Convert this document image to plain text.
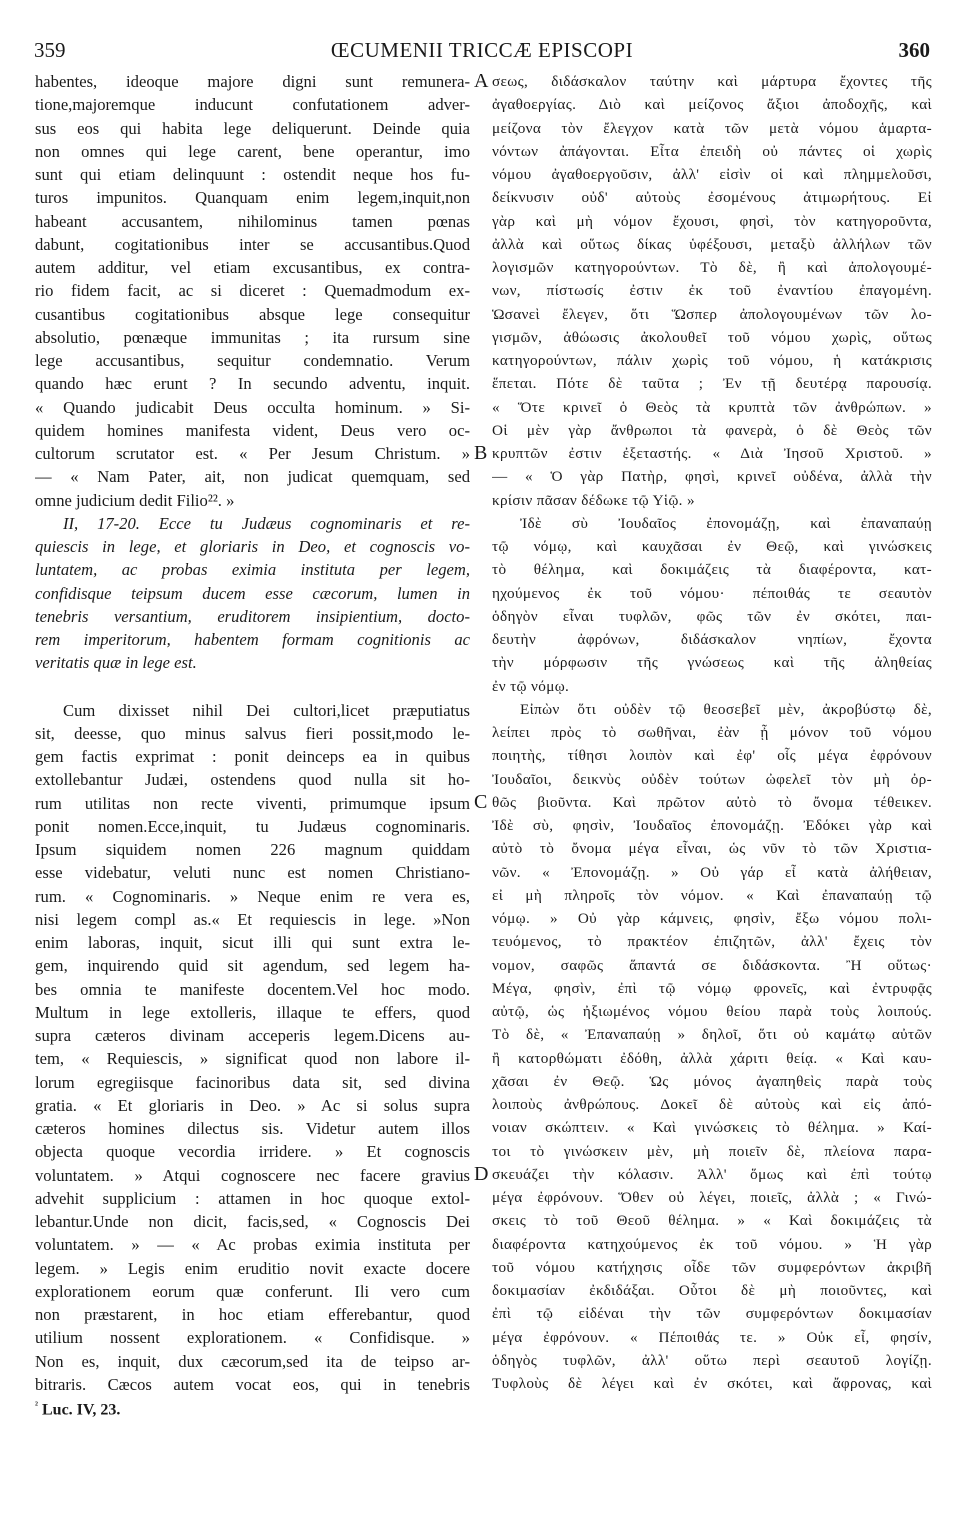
359	ŒCUMENII TRICCÆ EPISCOPI	360
habentes, ideoque majore digni sunt remunera-
tione,majoremque inducunt confutationem adver-
sus eos qui habita lege deliquerunt. Deinde quia
non omnes qui lege carent, bene operantur, imo
sunt qui etiam delinquunt : ostendit neque hos fu-
turos impunitos. Quanquam enim legem,inquit,non
habeant accusantem, nihilominus tamen pœnas
dabunt, cogitationibus inter se accusantibus.Quod
autem additur, vel etiam excusantibus, ex contra-
rio fidem facit, ac si diceret : Quemadmodum ex-
cusantibus cogitationibus absque lege consequitur
absolutio, pœnæque immunitas ; ita rursum sine
lege accusantibus, sequitur condemnatio. Verum
quando hæc erunt ? In secundo adventu, inquit.
« Quando judicabit Deus occulta hominum. » Si-
quidem homines manifesta vident, Deus vero oc-
cultorum scrutator est. « Per Jesum Christum. »
— « Nam Pater, ait, non judicat quemquam, sed
omne judicium dedit Filio²². »
II, 17-20. Ecce tu Judæus cognominaris et re-
quiescis in lege, et gloriaris in Deo, et cognoscis vo-
luntatem, ac probas eximia instituta per legem,
confidisque teipsum ducem esse cæcorum, lumen in
tenebris versantium, eruditorem insipientium, docto-
rem imperitorum, habentem formam cognitionis ac
veritatis quæ in lege est.
Cum dixisset nihil Dei cultori,licet præputiatus
sit, deesse, quo minus salvus fieri possit,modo le-
gem factis exprimat : ponit deinceps ea in quibus
extollebantur Judæi, ostendens quod nulla sit ho-
rum utilitas non recte viventi, primumque ipsum
ponit nomen.Ecce,inquit, tu Judæus cognominaris.
Ipsum siquidem nomen 226 magnum quiddam
esse videbatur, veluti nunc est nomen Christiano-
rum. « Cognominaris. » Neque enim re vera es,
nisi legem compl as.« Et requiescis in lege. »Non
enim laboras, inquit, sicut illi qui sunt extra le-
gem, inquirendo quid sit agendum, sed legem ha-
bes omnia te manifeste docentem.Vel hoc modo.
Multum in lege extolleris, illaque te effers, quod
supra cæteros divinam acceperis legem.Dicens au-
tem, « Requiescis, » significat quod non labore il-
lorum egregiisque facinoribus data sit, sed divina
gratia. « Et gloriaris in Deo. » Ac si solus supra
cæteros homines dilectus sis. Videtur autem illos
objecta quoque vecordia irridere. » Et cognoscis
voluntatem. » Atqui cognoscere nec facere gravius
advehit supplicium : attamen in hoc quoque extol-
lebantur.Unde non dicit, facis,sed, « Cognoscis Dei
voluntatem. » — « Ac probas eximia instituta per
legem. » Legis enim eruditio novit exacte docere
explorationem eorum quæ conferunt. Ili vero cum
non præstarent, in hoc etiam efferebantur, quod
utilium nossent explorationem. « Confidisque. »
Non es, inquit, dux cæcorum,sed ita de teipso ar-
bitraris. Cæcos autem vocat eos, qui in tenebris
σεως, διδάσκαλον ταύτην καὶ μάρτυρα ἔχοντες τῆς
ἀγαθοεργίας. Διὸ καὶ μείζονος ἄξιοι ἀποδοχῆς, καὶ
μείζονα τὸν ἔλεγχον κατὰ τῶν μετὰ νόμου ἁμαρτα-
νόντων ἀπάγονται. Εἶτα ἐπειδὴ οὐ πάντες οἱ χωρὶς
νόμου ἀγαθοεργοῦσιν, ἀλλ' εἰσὶν οἱ καὶ πλημμελοῦσι,
δείκνυσιν οὐδ' αὐτοὺς ἐσομένους ἀτιμωρήτους. Εἰ
γὰρ καὶ μὴ νόμον ἔχουσι, φησὶ, τὸν κατηγοροῦντα,
ἀλλὰ καὶ οὕτως δίκας ὑφέξουσι, μεταξὺ ἀλλήλων τῶν
λογισμῶν κατηγορούντων. Τὸ δὲ, ἢ καὶ ἀπολογουμέ-
νων, πίστωσίς ἐστιν ἐκ τοῦ ἐναντίου ἐπαγομένη.
Ὡσανεὶ ἔλεγεν, ὅτι Ὥσπερ ἀπολογουμένων τῶν λο-
γισμῶν, ἀθώωσις ἀκολουθεῖ τοῦ νόμου χωρὶς, οὕτως
κατηγορούντων, πάλιν χωρὶς τοῦ νόμου, ἡ κατάκρισις
ἕπεται. Πότε δὲ ταῦτα ; Ἐν τῇ δευτέρᾳ παρουσίᾳ.
« Ὅτε κρινεῖ ὁ Θεὸς τὰ κρυπτὰ τῶν ἀνθρώπων. »
Οἱ μὲν γὰρ ἄνθρωποι τὰ φανερὰ, ὁ δὲ Θεὸς τῶν
κρυπτῶν ἐστιν ἐξεταστής. « Διὰ Ἰησοῦ Χριστοῦ. »
— « Ὁ γὰρ Πατὴρ, φησὶ, κρινεῖ οὐδένα, ἀλλὰ τὴν
κρίσιν πᾶσαν δέδωκε τῷ Υἱῷ. »
Ἰδὲ σὺ Ἰουδαῖος ἐπονομάζῃ, καὶ ἐπαναπαύῃ
τῷ νόμῳ, καὶ καυχᾶσαι ἐν Θεῷ, καὶ γινώσκεις
τὸ θέλημα, καὶ δοκιμάζεις τὰ διαφέροντα, κατ-
ηχούμενος ἐκ τοῦ νόμου· πέποιθάς τε σεαυτὸν
ὁδηγὸν εἶναι τυφλῶν, φῶς τῶν ἐν σκότει, παι-
δευτὴν ἀφρόνων, διδάσκαλον νηπίων, ἔχοντα
τὴν μόρφωσιν τῆς γνώσεως καὶ τῆς ἀληθείας
ἐν τῷ νόμῳ.
Εἰπὼν ὅτι οὐδὲν τῷ θεοσεβεῖ μὲν, ἀκροβύστῳ δὲ,
λείπει πρὸς τὸ σωθῆναι, ἐὰν ᾖ μόνον τοῦ νόμου
ποιητὴς, τίθησι λοιπὸν καὶ ἐφ' οἷς μέγα ἐφρόνουν
Ἰουδαῖοι, δεικνὺς οὐδὲν τούτων ὠφελεῖ τὸν μὴ ὀρ-
θῶς βιοῦντα. Καὶ πρῶτον αὐτὸ τὸ ὄνομα τέθεικεν.
Ἰδὲ σὺ, φησὶν, Ἰουδαῖος ἐπονομάζῃ. Ἐδόκει γὰρ καὶ
αὐτὸ τὸ ὄνομα μέγα εἶναι, ὡς νῦν τὸ τῶν Χριστια-
νῶν. « Ἐπονομάζῃ. » Οὐ γάρ εἶ κατὰ ἀλήθειαν,
εἰ μὴ πληροῖς τὸν νόμον. « Καὶ ἐπαναπαύῃ τῷ
νόμῳ. » Οὐ γὰρ κάμνεις, φησὶν, ἔξω νόμου πολι-
τευόμενος, τὸ πρακτέον ἐπιζητῶν, ἀλλ' ἔχεις τὸν
νομον, σαφῶς ἅπαντά σε διδάσκοντα. Ἢ οὕτως·
Μέγα, φησὶν, ἐπὶ τῷ νόμῳ φρονεῖς, καὶ ἐντρυφᾷς
αὐτῷ, ὡς ἠξιωμένος νόμου θείου παρὰ τοὺς λοιπούς.
Τὸ δὲ, « Ἐπαναπαύῃ » δηλοῖ, ὅτι οὐ καμάτῳ αὐτῶν
ἢ κατορθώματι ἐδόθη, ἀλλὰ χάριτι θείᾳ. « Καὶ καυ-
χᾶσαι ἐν Θεῷ. Ὡς μόνος ἀγαπηθεὶς παρὰ τοὺς
λοιποὺς ἀνθρώπους. Δοκεῖ δὲ αὐτοὺς καὶ εἰς ἀπό-
νοιαν σκώπτειν. « Καὶ γινώσκεις τὸ θέλημα. » Καί-
τοι τὸ γινώσκειν μὲν, μὴ ποιεῖν δὲ, πλείονα παρα-
σκευάζει τὴν κόλασιν. Ἀλλ' ὅμως καὶ ἐπὶ τούτῳ
μέγα ἐφρόνουν. Ὅθεν οὐ λέγει, ποιεῖς, ἀλλὰ ; « Γινώ-
σκεις τὸ τοῦ Θεοῦ θέλημα. » « Καὶ δοκιμάζεις τὰ
διαφέροντα κατηχούμενος ἐκ τοῦ νόμου. » Ἡ γὰρ
τοῦ νόμου κατήχησις οἶδε τῶν συμφερόντων ἀκριβῆ
δοκιμασίαν ἐκδιδάξαι. Οὗτοι δὲ μὴ ποιοῦντες, καὶ
ἐπὶ τῷ εἰδέναι τὴν τῶν συμφερόντων δοκιμασίαν
μέγα ἐφρόνουν. « Πέποιθάς τε. » Οὐκ εἶ, φησίν,
ὁδηγὸς τυφλῶν, ἀλλ' οὕτω περὶ σεαυτοῦ λογίζῃ.
Τυφλοὺς δὲ λέγει καὶ ἐν σκότει, καὶ ἄφρονας, καὶ
A
B
C
D
$^{^2}$ Luc. IV, 23.
